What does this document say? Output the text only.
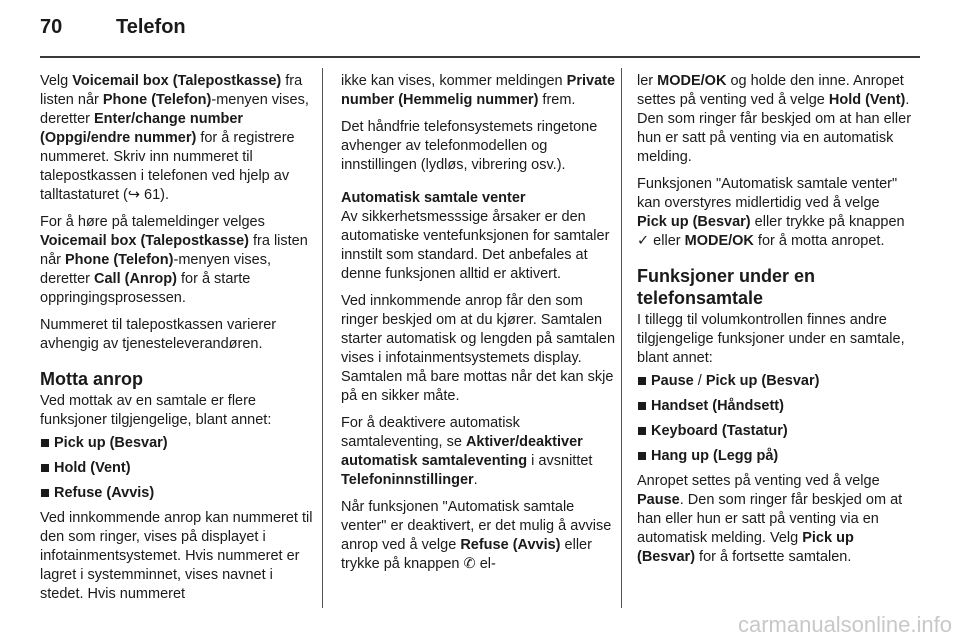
70	Telefon

Velg Voicemail box (Talepostkasse) fra listen når Phone (Telefon)-menyen vises, deretter Enter/change number (Oppgi/endre nummer) for å registrere nummeret. Skriv inn nummeret til talepostkassen i telefonen ved hjelp av talltastaturet (↪ 61).

For å høre på talemeldinger velges Voicemail box (Talepostkasse) fra listen når Phone (Telefon)-menyen vises, deretter Call (Anrop) for å starte oppringingsprosessen.

Nummeret til talepostkassen varierer avhengig av tjenesteleverandøren.

Motta anrop

Ved mottak av en samtale er flere funksjoner tilgjengelige, blant annet:

Pick up (Besvar)
Hold (Vent)
Refuse (Avvis)

Ved innkommende anrop kan nummeret til den som ringer, vises på displayet i infotainmentsystemet. Hvis nummeret er lagret i systemminnet, vises navnet i stedet. Hvis nummeret

ikke kan vises, kommer meldingen Private number (Hemmelig nummer) frem.

Det håndfrie telefonsystemets ringetone avhenger av telefonmodellen og innstillingen (lydløs, vibrering osv.).

Automatisk samtale venter

Av sikkerhetsmesssige årsaker er den automatiske ventefunksjonen for samtaler innstilt som standard. Det anbefales at denne funksjonen alltid er aktivert.

Ved innkommende anrop får den som ringer beskjed om at du kjører. Samtalen starter automatisk og lengden på samtalen vises i infotainmentsystemets display. Samtalen må bare mottas når det kan skje på en sikker måte.

For å deaktivere automatisk samtaleventing, se Aktiver/deaktiver automatisk samtaleventing i avsnittet Telefoninnstillinger.

Når funksjonen "Automatisk samtale venter" er deaktivert, er det mulig å avvise anrop ved å velge Refuse (Avvis) eller trykke på knappen ✆ el-

ler MODE/OK og holde den inne. Anropet settes på venting ved å velge Hold (Vent). Den som ringer får beskjed om at han eller hun er satt på venting via en automatisk melding.

Funksjonen "Automatisk samtale venter" kan overstyres midlertidig ved å velge Pick up (Besvar) eller trykke på knappen ✓ eller MODE/OK for å motta anropet.

Funksjoner under en telefonsamtale

I tillegg til volumkontrollen finnes andre tilgjengelige funksjoner under en samtale, blant annet:

Pause / Pick up (Besvar)
Handset (Håndsett)
Keyboard (Tastatur)
Hang up (Legg på)

Anropet settes på venting ved å velge Pause. Den som ringer får beskjed om at han eller hun er satt på venting via en automatisk melding. Velg Pick up (Besvar) for å fortsette samtalen.

carmanualsonline.info
